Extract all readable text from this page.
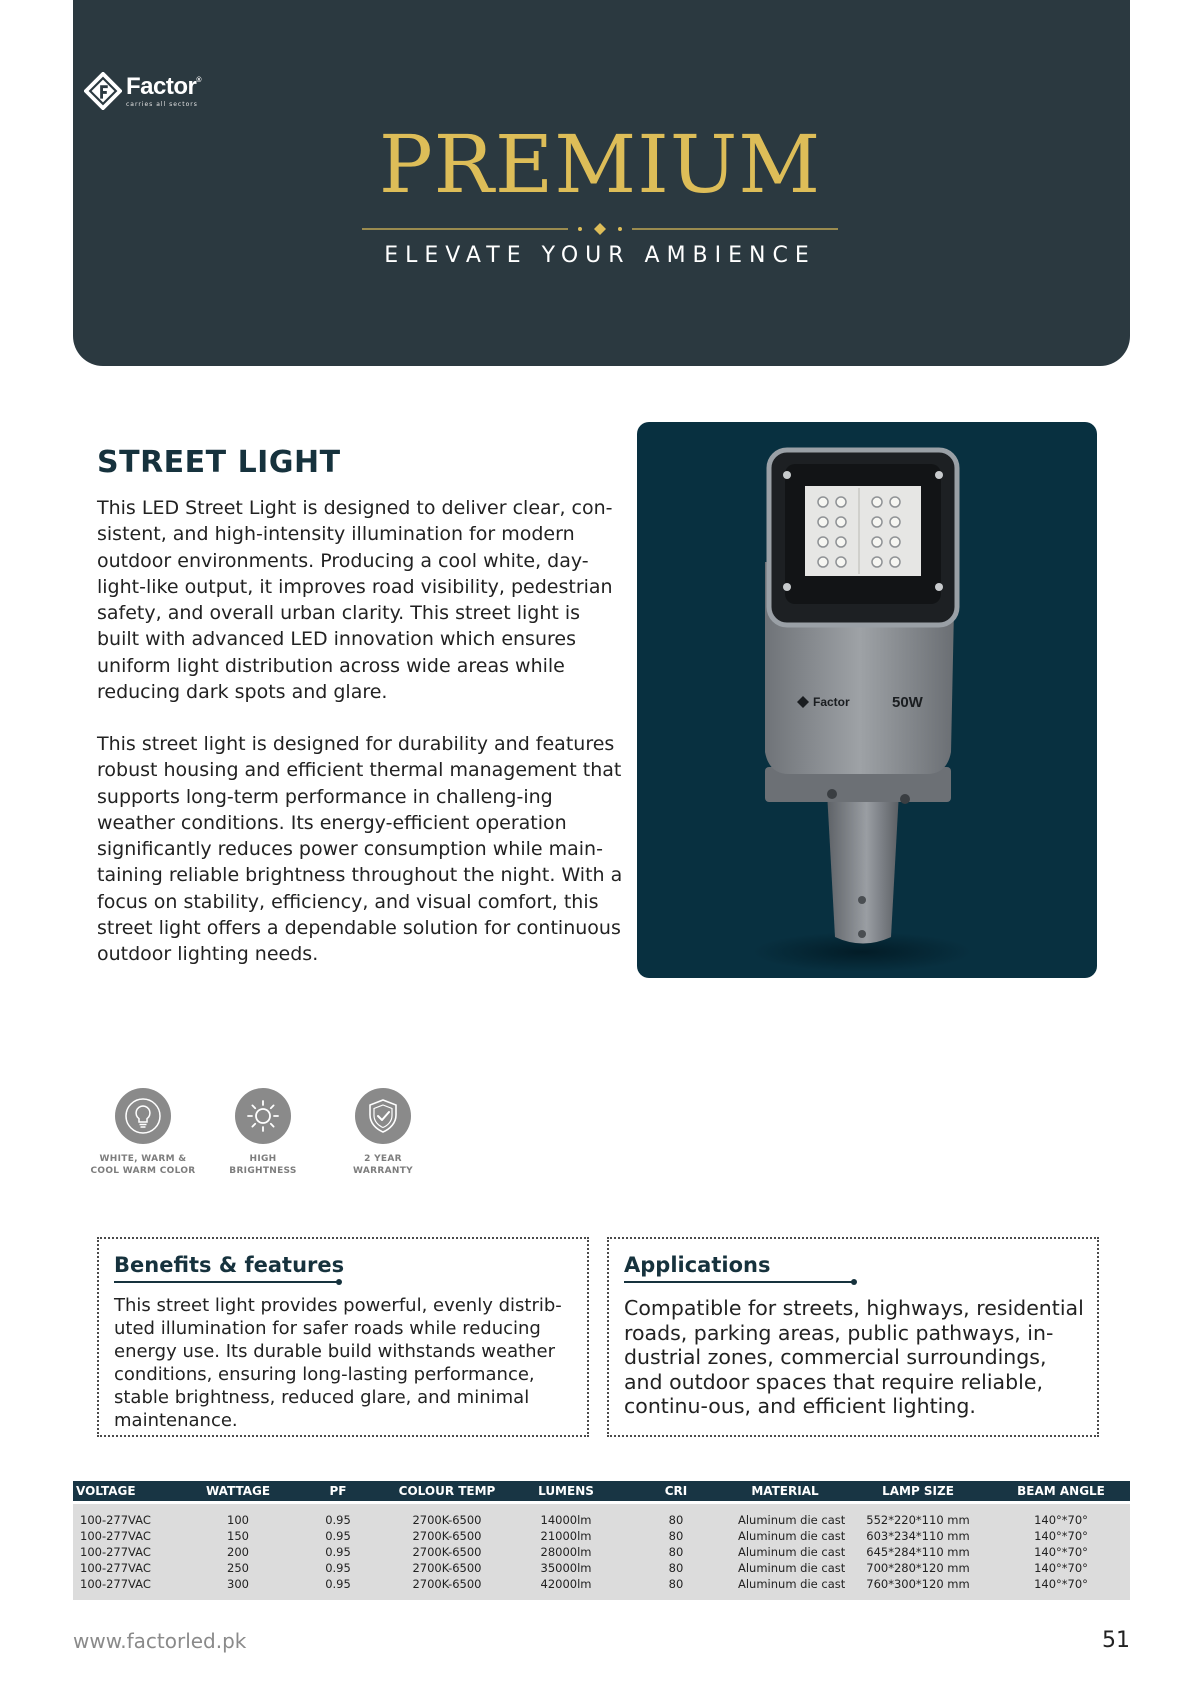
Factor®
carries all sectors
PREMIUM
ELEVATE YOUR AMBIENCE
STREET LIGHT

This LED Street Light is designed to deliver clear, con-sistent, and high-intensity illumination for modern outdoor environments. Producing a cool white, day-light-like output, it improves road visibility, pedestrian safety, and overall urban clarity. This street light is built with advanced LED innovation which ensures uniform light distribution across wide areas while reducing dark spots and glare.

This street light is designed for durability and features robust housing and efficient thermal management that supports long-term performance in challeng-ing weather conditions. Its energy-efficient operation significantly reduces power consumption while main-taining reliable brightness throughout the night. With a focus on stability, efficiency, and visual comfort, this street light offers a dependable solution for continuous outdoor lighting needs.

Factor	50W
WHITE, WARM &
COOL WARM COLOR
HIGH
BRIGHTNESS
2 YEAR
WARRANTY
Benefits & features

This street light provides powerful, evenly distrib-uted illumination for safer roads while reducing energy use. Its durable build withstands weather conditions, ensuring long-lasting performance, stable brightness, reduced glare, and minimal maintenance.

Applications

Compatible for streets, highways, residential roads, parking areas, public pathways, in-dustrial zones, commercial surroundings, and outdoor spaces that require reliable, continu-ous, and efficient lighting.

VOLTAGE	WATTAGE	PF	COLOUR TEMP	LUMENS	CRI	MATERIAL	LAMP SIZE	BEAM ANGLE

100-277VAC	100	0.95	2700K-6500	14000lm	80	Aluminum die cast	552*220*110 mm	140°*70°
100-277VAC	150	0.95	2700K-6500	21000lm	80	Aluminum die cast	603*234*110 mm	140°*70°
100-277VAC	200	0.95	2700K-6500	28000lm	80	Aluminum die cast	645*284*110 mm	140°*70°
100-277VAC	250	0.95	2700K-6500	35000lm	80	Aluminum die cast	700*280*120 mm	140°*70°
100-277VAC	300	0.95	2700K-6500	42000lm	80	Aluminum die cast	760*300*120 mm	140°*70°

www.factorled.pk	51
